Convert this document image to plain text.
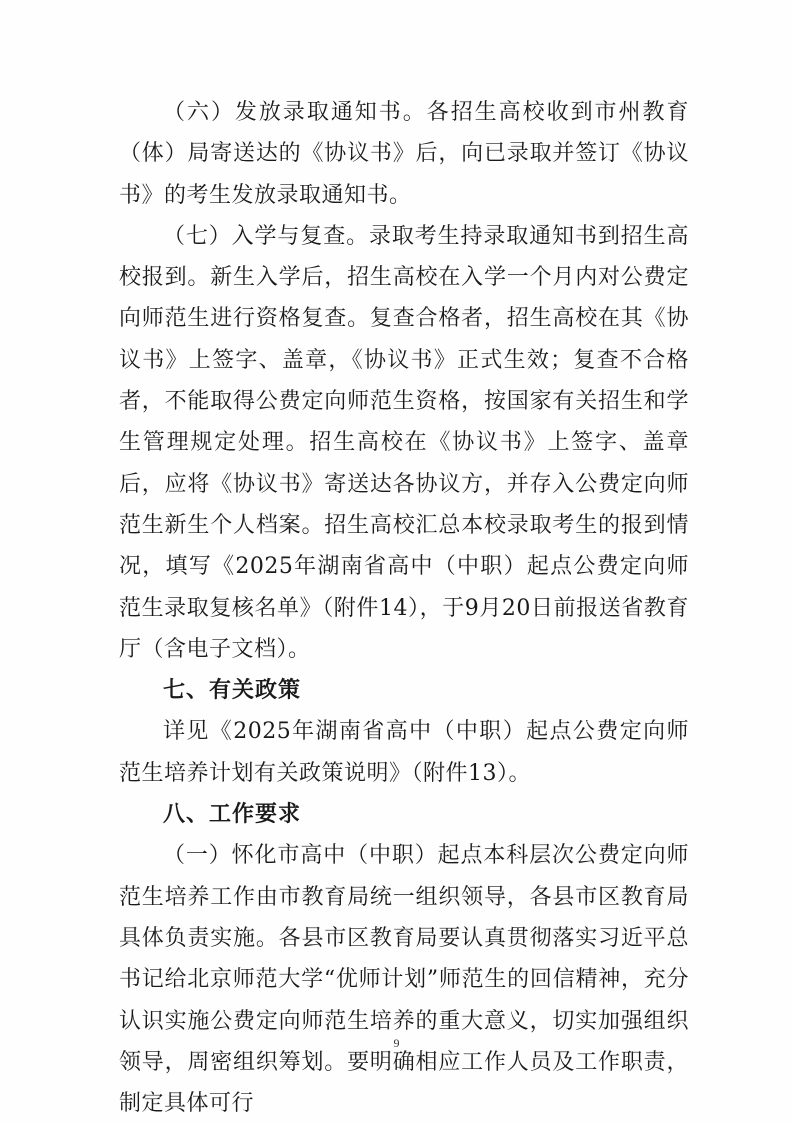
（六）发放录取通知书。各招生高校收到市州教育（体）局寄送达的《协议书》后，向已录取并签订《协议书》的考生发放录取通知书。

（七）入学与复查。录取考生持录取通知书到招生高校报到。新生入学后，招生高校在入学一个月内对公费定向师范生进行资格复查。复查合格者，招生高校在其《协议书》上签字、盖章，《协议书》正式生效；复查不合格者，不能取得公费定向师范生资格，按国家有关招生和学生管理规定处理。招生高校在《协议书》上签字、盖章后，应将《协议书》寄送达各协议方，并存入公费定向师范生新生个人档案。招生高校汇总本校录取考生的报到情况，填写《2025年湖南省高中（中职）起点公费定向师范生录取复核名单》（附件14），于9月20日前报送省教育厅（含电子文档）。

七、有关政策

详见《2025年湖南省高中（中职）起点公费定向师范生培养计划有关政策说明》（附件13）。

八、工作要求

（一）怀化市高中（中职）起点本科层次公费定向师范生培养工作由市教育局统一组织领导，各县市区教育局具体负责实施。各县市区教育局要认真贯彻落实习近平总书记给北京师范大学“优师计划”师范生的回信精神，充分认识实施公费定向师范生培养的重大意义，切实加强组织领导，周密组织筹划。要明确相应工作人员及工作职责，制定具体可行

9
